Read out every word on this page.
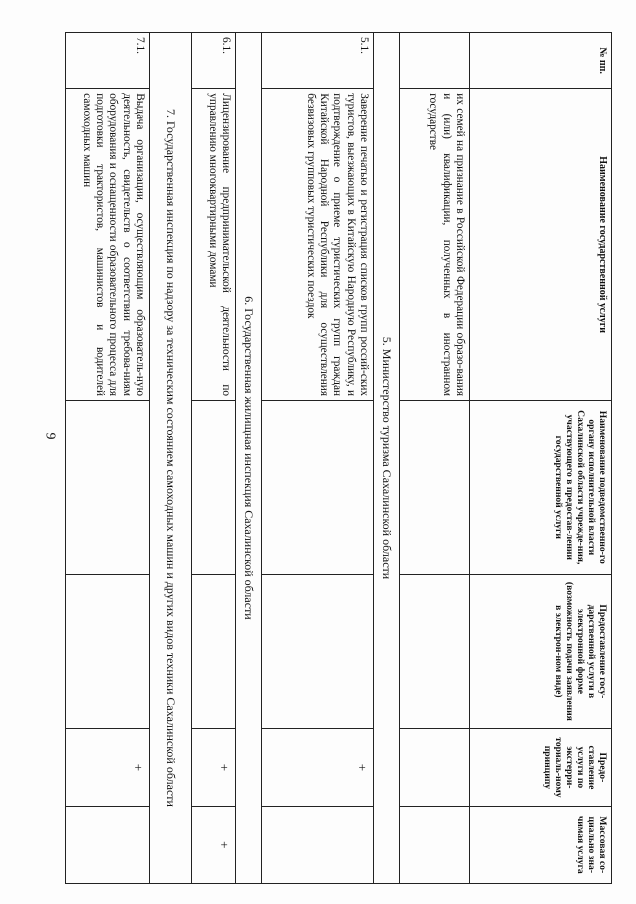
9
№ пп.	Наименование государственной услуги	Наименование подведомственно-го органу исполнительной власти Сахалинской области учрежде-ния, участвующего в предостав-лении государственной услуги	Предоставление госу-дарственной услуги в электронной форме (возможность подачи заявления в электрон-ном виде)	Предо-ставление услуги по экстерри-ториаль-ному принципу	Массовая со-циально зна-чимая услуга
	их семей на признание в Российской Федерации образо-вания и (или) квалификации, полученных в иностранном государстве				
5. Министерство туризма Сахалинской области					
5.1.	Заверение печатью и регистрация списков групп россий-ских туристов, выезжающих в Китайскую Народную Республику, и подтверждение о приеме туристических групп граждан Китайской Народной Республики для осуществления безвизовых групповых туристических поездок			+	
6. Государственная жилищная инспекция Сахалинской области					
6.1.	Лицензирование предпринимательской деятельности по управлению многоквартирными домами			+	+
7. Государственная инспекция по надзору за техническим состоянием самоходных машин и других видов техники Сахалинской области					
7.1.	Выдача организации, осуществляющим образователь-ную деятельность, свидетельств о соответствии требова-ниям оборудования и оснащенности образовательного процесса для подготовки трактористов, машинистов и водителей самоходных машин			+	
